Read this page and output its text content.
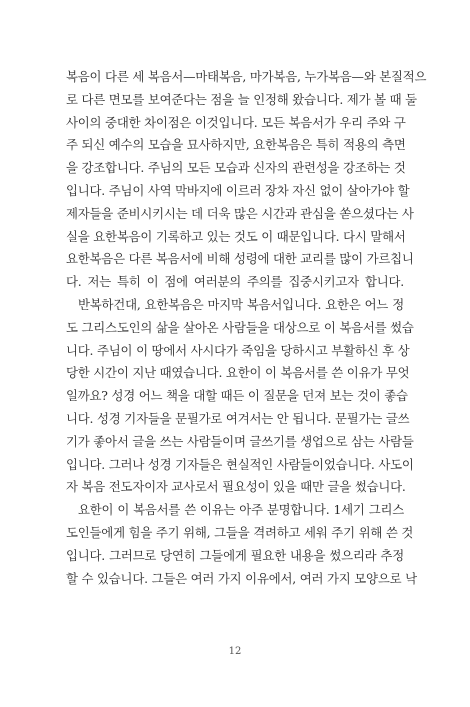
복음이 다른 세 복음서—마태복음, 마가복음, 누가복음—와 본질적으
로 다른 면모를 보여준다는 점을 늘 인정해 왔습니다. 제가 볼 때 둘
사이의 중대한 차이점은 이것입니다. 모든 복음서가 우리 주와 구
주 되신 예수의 모습을 묘사하지만, 요한복음은 특히 적용의 측면
을 강조합니다. 주님의 모든 모습과 신자의 관련성을 강조하는 것
입니다. 주님이 사역 막바지에 이르러 장차 자신 없이 살아가야 할
제자들을 준비시키시는 데 더욱 많은 시간과 관심을 쏟으셨다는 사
실을 요한복음이 기록하고 있는 것도 이 때문입니다. 다시 말해서
요한복음은 다른 복음서에 비해 성령에 대한 교리를 많이 가르칩니
다. 저는 특히 이 점에 여러분의 주의를 집중시키고자 합니다.
반복하건대, 요한복음은 마지막 복음서입니다. 요한은 어느 정
도 그리스도인의 삶을 살아온 사람들을 대상으로 이 복음서를 썼습
니다. 주님이 이 땅에서 사시다가 죽임을 당하시고 부활하신 후 상
당한 시간이 지난 때였습니다. 요한이 이 복음서를 쓴 이유가 무엇
일까요? 성경 어느 책을 대할 때든 이 질문을 던져 보는 것이 좋습
니다. 성경 기자들을 문필가로 여겨서는 안 됩니다. 문필가는 글쓰
기가 좋아서 글을 쓰는 사람들이며 글쓰기를 생업으로 삼는 사람들
입니다. 그러나 성경 기자들은 현실적인 사람들이었습니다. 사도이
자 복음 전도자이자 교사로서 필요성이 있을 때만 글을 썼습니다.
요한이 이 복음서를 쓴 이유는 아주 분명합니다. 1세기 그리스
도인들에게 힘을 주기 위해, 그들을 격려하고 세워 주기 위해 쓴 것
입니다. 그러므로 당연히 그들에게 필요한 내용을 썼으리라 추정
할 수 있습니다. 그들은 여러 가지 이유에서, 여러 가지 모양으로 낙
12
